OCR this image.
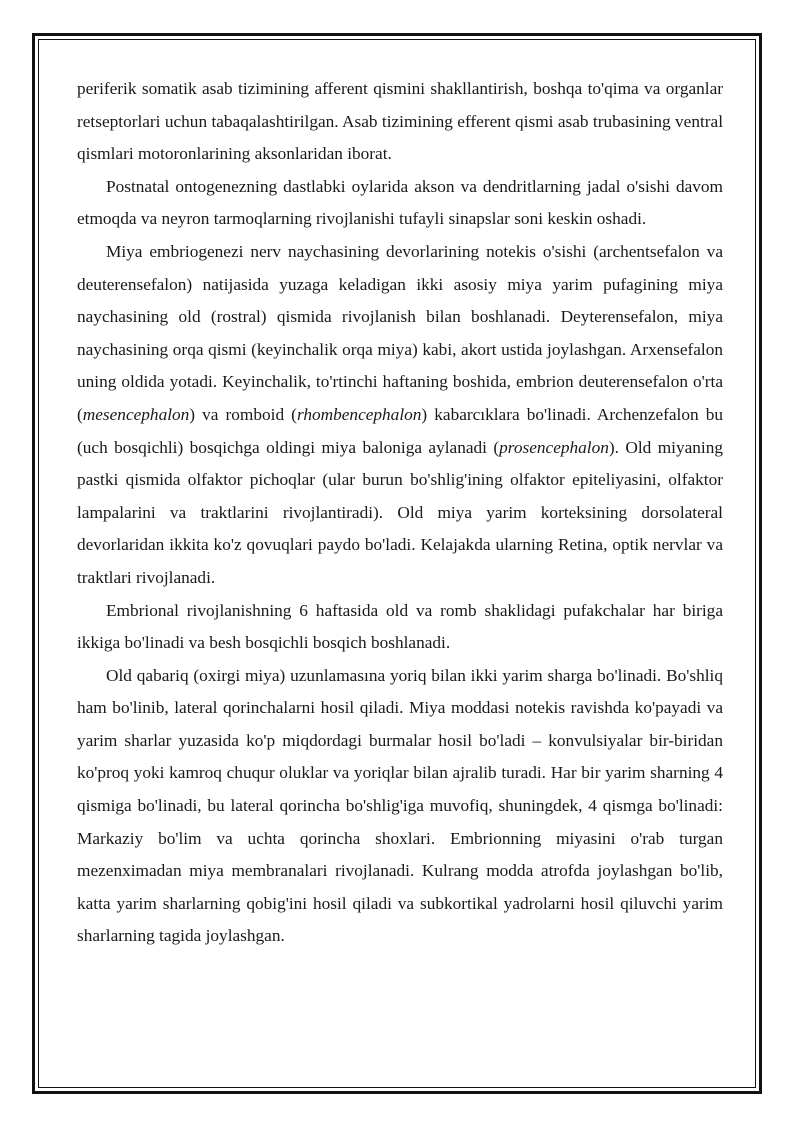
periferik somatik asab tizimining afferent qismini shakllantirish, boshqa to'qima va organlar retseptorlari uchun tabaqalashtirilgan. Asab tizimining efferent qismi asab trubasining ventral qismlari motoronlarining aksonlaridan iborat.

Postnatal ontogenezning dastlabki oylarida akson va dendritlarning jadal o'sishi davom etmoqda va neyron tarmoqlarning rivojlanishi tufayli sinapslar soni keskin oshadi.

Miya embriogenezi nerv naychasining devorlarining notekis o'sishi (archentsefalon va deuterensefalon) natijasida yuzaga keladigan ikki asosiy miya yarim pufagining miya naychasining old (rostral) qismida rivojlanish bilan boshlanadi. Deyterensefalon, miya naychasining orqa qismi (keyinchalik orqa miya) kabi, akort ustida joylashgan. Arxensefalon uning oldida yotadi. Keyinchalik, to'rtinchi haftaning boshida, embrion deuterensefalon o'rta (mesencephalon) va romboid (rhombencephalon) kabarcıklara bo'linadi. Archenzefalon bu (uch bosqichli) bosqichga oldingi miya baloniga aylanadi (prosencephalon). Old miyaning pastki qismida olfaktor pichoqlar (ular burun bo'shlig'ining olfaktor epiteliyasini, olfaktor lampalarini va traktlarini rivojlantiradi). Old miya yarim korteksining dorsolateral devorlaridan ikkita ko'z qovuqlari paydo bo'ladi. Kelajakda ularning Retina, optik nervlar va traktlari rivojlanadi.

Embrional rivojlanishning 6 haftasida old va romb shaklidagi pufakchalar har biriga ikkiga bo'linadi va besh bosqichli bosqich boshlanadi.

Old qabariq (oxirgi miya) uzunlamasına yoriq bilan ikki yarim sharga bo'linadi. Bo'shliq ham bo'linib, lateral qorinchalarni hosil qiladi. Miya moddasi notekis ravishda ko'payadi va yarim sharlar yuzasida ko'p miqdordagi burmalar hosil bo'ladi – konvulsiyalar bir-biridan ko'proq yoki kamroq chuqur oluklar va yoriqlar bilan ajralib turadi. Har bir yarim sharning 4 qismiga bo'linadi, bu lateral qorincha bo'shlig'iga muvofiq, shuningdek, 4 qismga bo'linadi: Markaziy bo'lim va uchta qorincha shoxlari. Embrionning miyasini o'rab turgan mezenximadan miya membranalari rivojlanadi. Kulrang modda atrofda joylashgan bo'lib, katta yarim sharlarning qobig'ini hosil qiladi va subkortikal yadrolarni hosil qiluvchi yarim sharlarning tagida joylashgan.
